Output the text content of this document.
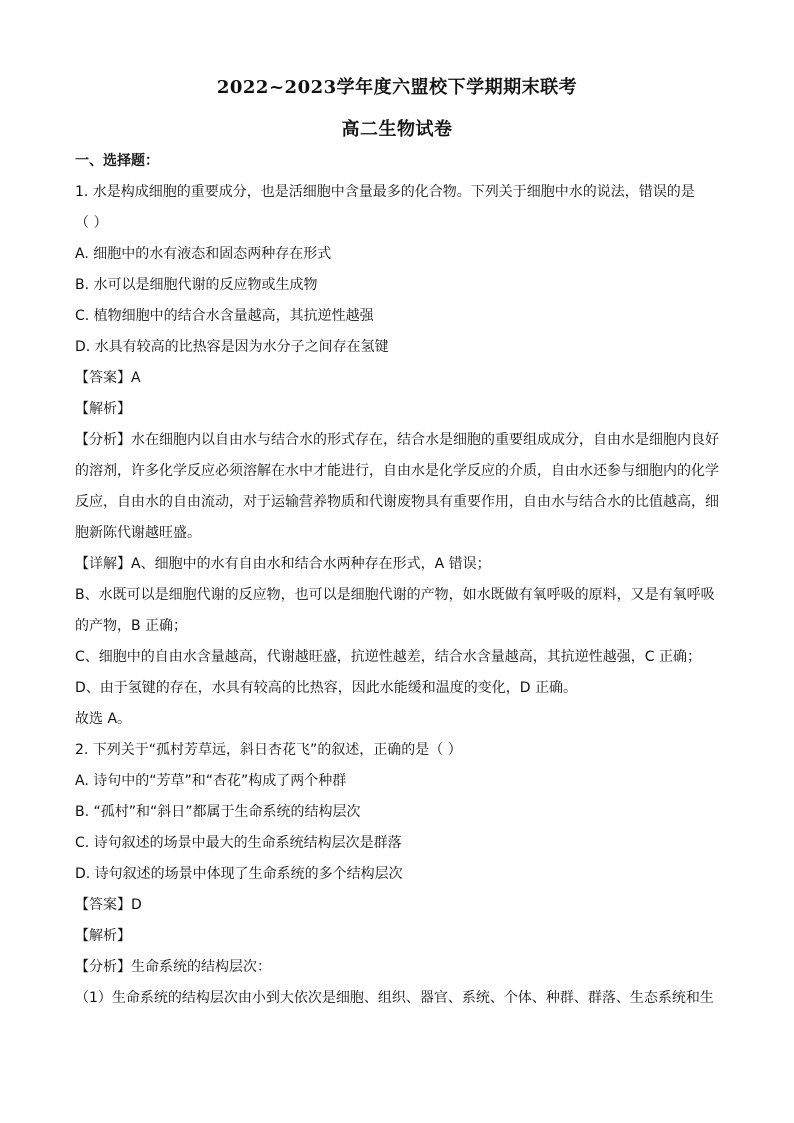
2022~2023学年度六盟校下学期期末联考
高二生物试卷
一、选择题：
1. 水是构成细胞的重要成分，也是活细胞中含量最多的化合物。下列关于细胞中水的说法，错误的是
（ ）
A. 细胞中的水有液态和固态两种存在形式
B. 水可以是细胞代谢的反应物或生成物
C. 植物细胞中的结合水含量越高，其抗逆性越强
D. 水具有较高的比热容是因为水分子之间存在氢键
【答案】A
【解析】
【分析】水在细胞内以自由水与结合水的形式存在，结合水是细胞的重要组成成分，自由水是细胞内良好
的溶剂，许多化学反应必须溶解在水中才能进行，自由水是化学反应的介质，自由水还参与细胞内的化学
反应，自由水的自由流动，对于运输营养物质和代谢废物具有重要作用，自由水与结合水的比值越高，细
胞新陈代谢越旺盛。
【详解】A、细胞中的水有自由水和结合水两种存在形式，A 错误；
B、水既可以是细胞代谢的反应物，也可以是细胞代谢的产物，如水既做有氧呼吸的原料，又是有氧呼吸
的产物，B 正确；
C、细胞中的自由水含量越高，代谢越旺盛，抗逆性越差，结合水含量越高，其抗逆性越强，C 正确；
D、由于氢键的存在，水具有较高的比热容，因此水能缓和温度的变化，D 正确。
故选 A。
2. 下列关于“孤村芳草远，斜日杏花飞”的叙述，正确的是（ ）
A. 诗句中的“芳草”和“杏花”构成了两个种群
B. “孤村”和“斜日”都属于生命系统的结构层次
C. 诗句叙述的场景中最大的生命系统结构层次是群落
D. 诗句叙述的场景中体现了生命系统的多个结构层次
【答案】D
【解析】
【分析】生命系统的结构层次：
（1）生命系统的结构层次由小到大依次是细胞、组织、器官、系统、个体、种群、群落、生态系统和生
